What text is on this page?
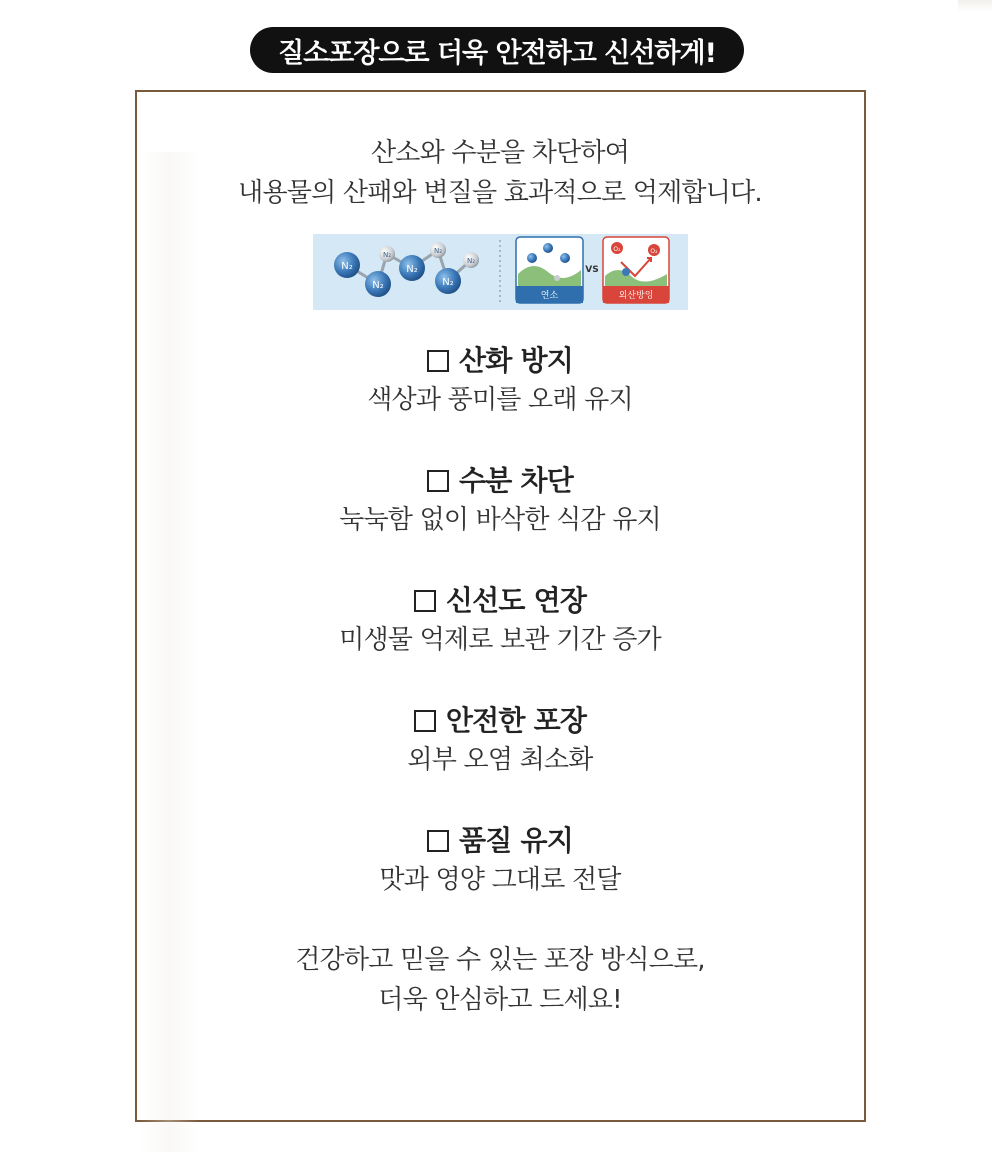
질소포장으로 더욱 안전하고 신선하게!
산소와 수분을 차단하여
내용물의 산패와 변질을 효과적으로 억제합니다.
N₂
N₂
N₂
N₂
N₂
N₂
N₂
연소
VS
O₂	O₂
외산방잉
산화 방지
색상과 풍미를 오래 유지
수분 차단
눅눅함 없이 바삭한 식감 유지
신선도 연장
미생물 억제로 보관 기간 증가
안전한 포장
외부 오염 최소화
품질 유지
맛과 영양 그대로 전달
건강하고 믿을 수 있는 포장 방식으로,
더욱 안심하고 드세요!
